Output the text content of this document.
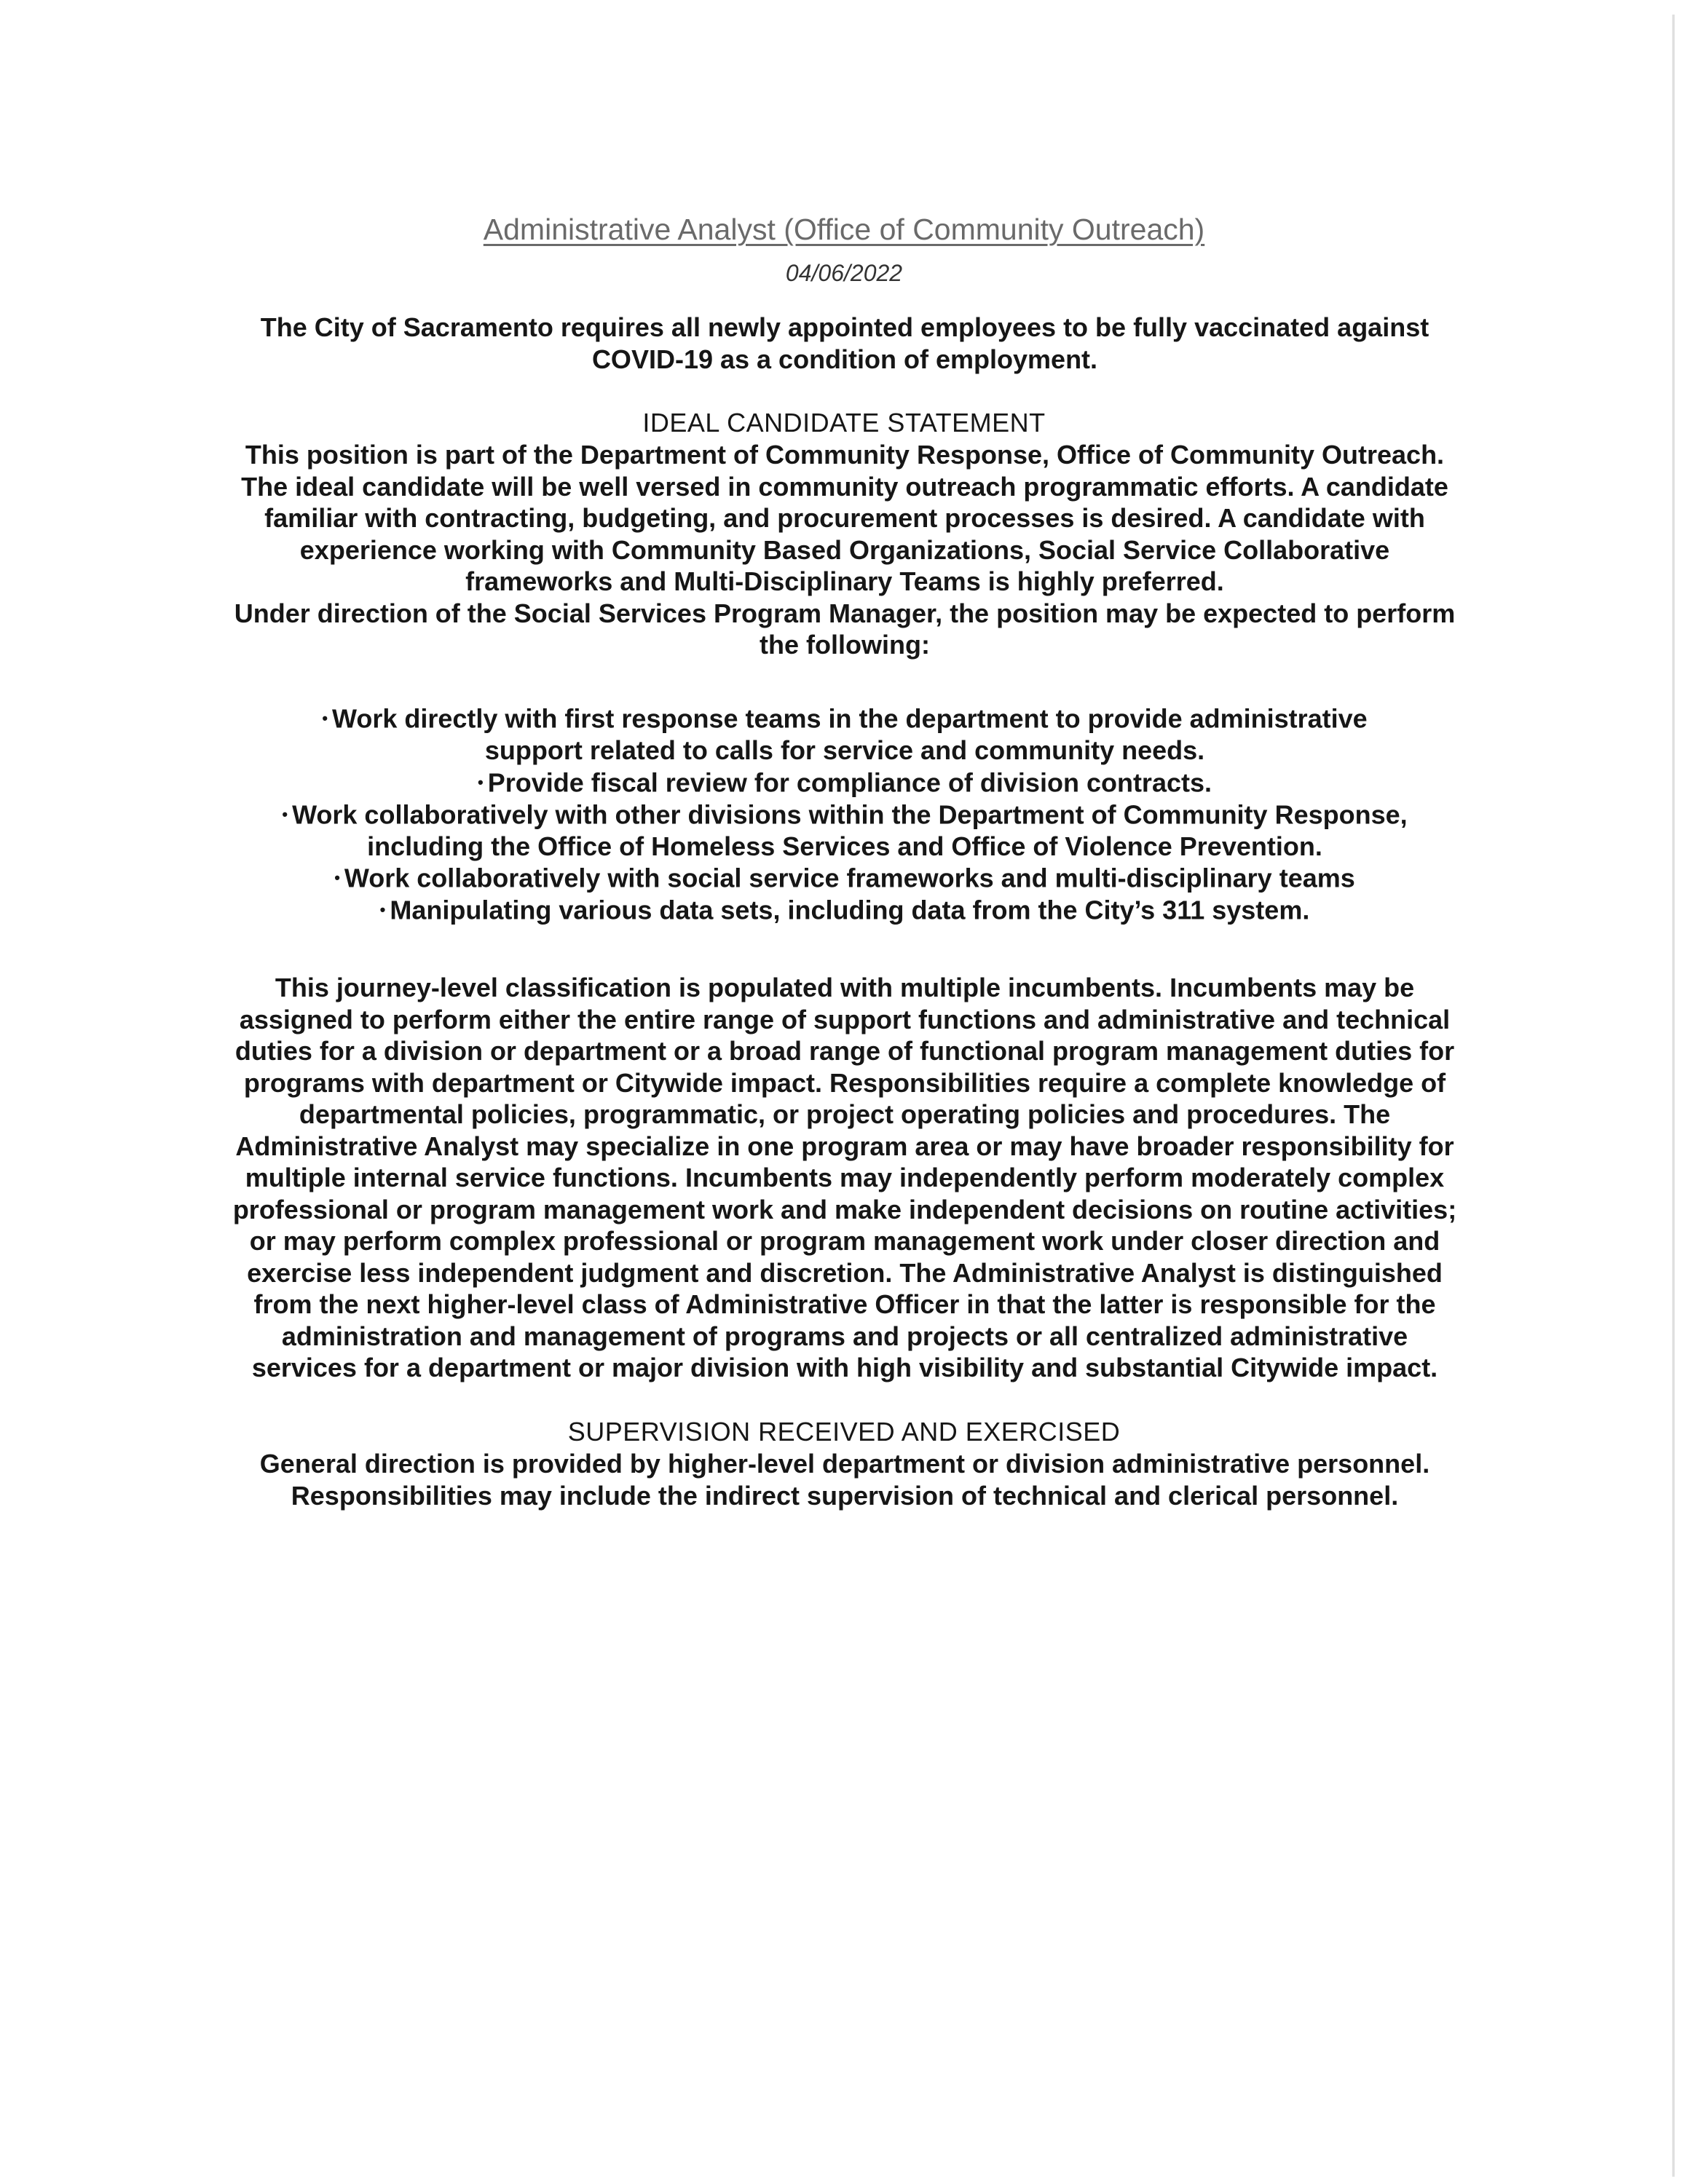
Administrative Analyst (Office of Community Outreach)
04/06/2022
The City of Sacramento requires all newly appointed employees to be fully vaccinated against
COVID-19 as a condition of employment.
IDEAL CANDIDATE STATEMENT
This position is part of the Department of Community Response, Office of Community Outreach.
The ideal candidate will be well versed in community outreach programmatic efforts. A candidate
familiar with contracting, budgeting, and procurement processes is desired. A candidate with
experience working with Community Based Organizations, Social Service Collaborative
frameworks and Multi-Disciplinary Teams is highly preferred.
Under direction of the Social Services Program Manager, the position may be expected to perform
the following:
• Work directly with first response teams in the department to provide administrative
support related to calls for service and community needs.
• Provide fiscal review for compliance of division contracts.
• Work collaboratively with other divisions within the Department of Community Response,
including the Office of Homeless Services and Office of Violence Prevention.
• Work collaboratively with social service frameworks and multi-disciplinary teams
• Manipulating various data sets, including data from the City’s 311 system.
This journey-level classification is populated with multiple incumbents. Incumbents may be
assigned to perform either the entire range of support functions and administrative and technical
duties for a division or department or a broad range of functional program management duties for
programs with department or Citywide impact. Responsibilities require a complete knowledge of
departmental policies, programmatic, or project operating policies and procedures. The
Administrative Analyst may specialize in one program area or may have broader responsibility for
multiple internal service functions. Incumbents may independently perform moderately complex
professional or program management work and make independent decisions on routine activities;
or may perform complex professional or program management work under closer direction and
exercise less independent judgment and discretion. The Administrative Analyst is distinguished
from the next higher-level class of Administrative Officer in that the latter is responsible for the
administration and management of programs and projects or all centralized administrative
services for a department or major division with high visibility and substantial Citywide impact.
SUPERVISION RECEIVED AND EXERCISED
General direction is provided by higher-level department or division administrative personnel.
Responsibilities may include the indirect supervision of technical and clerical personnel.
